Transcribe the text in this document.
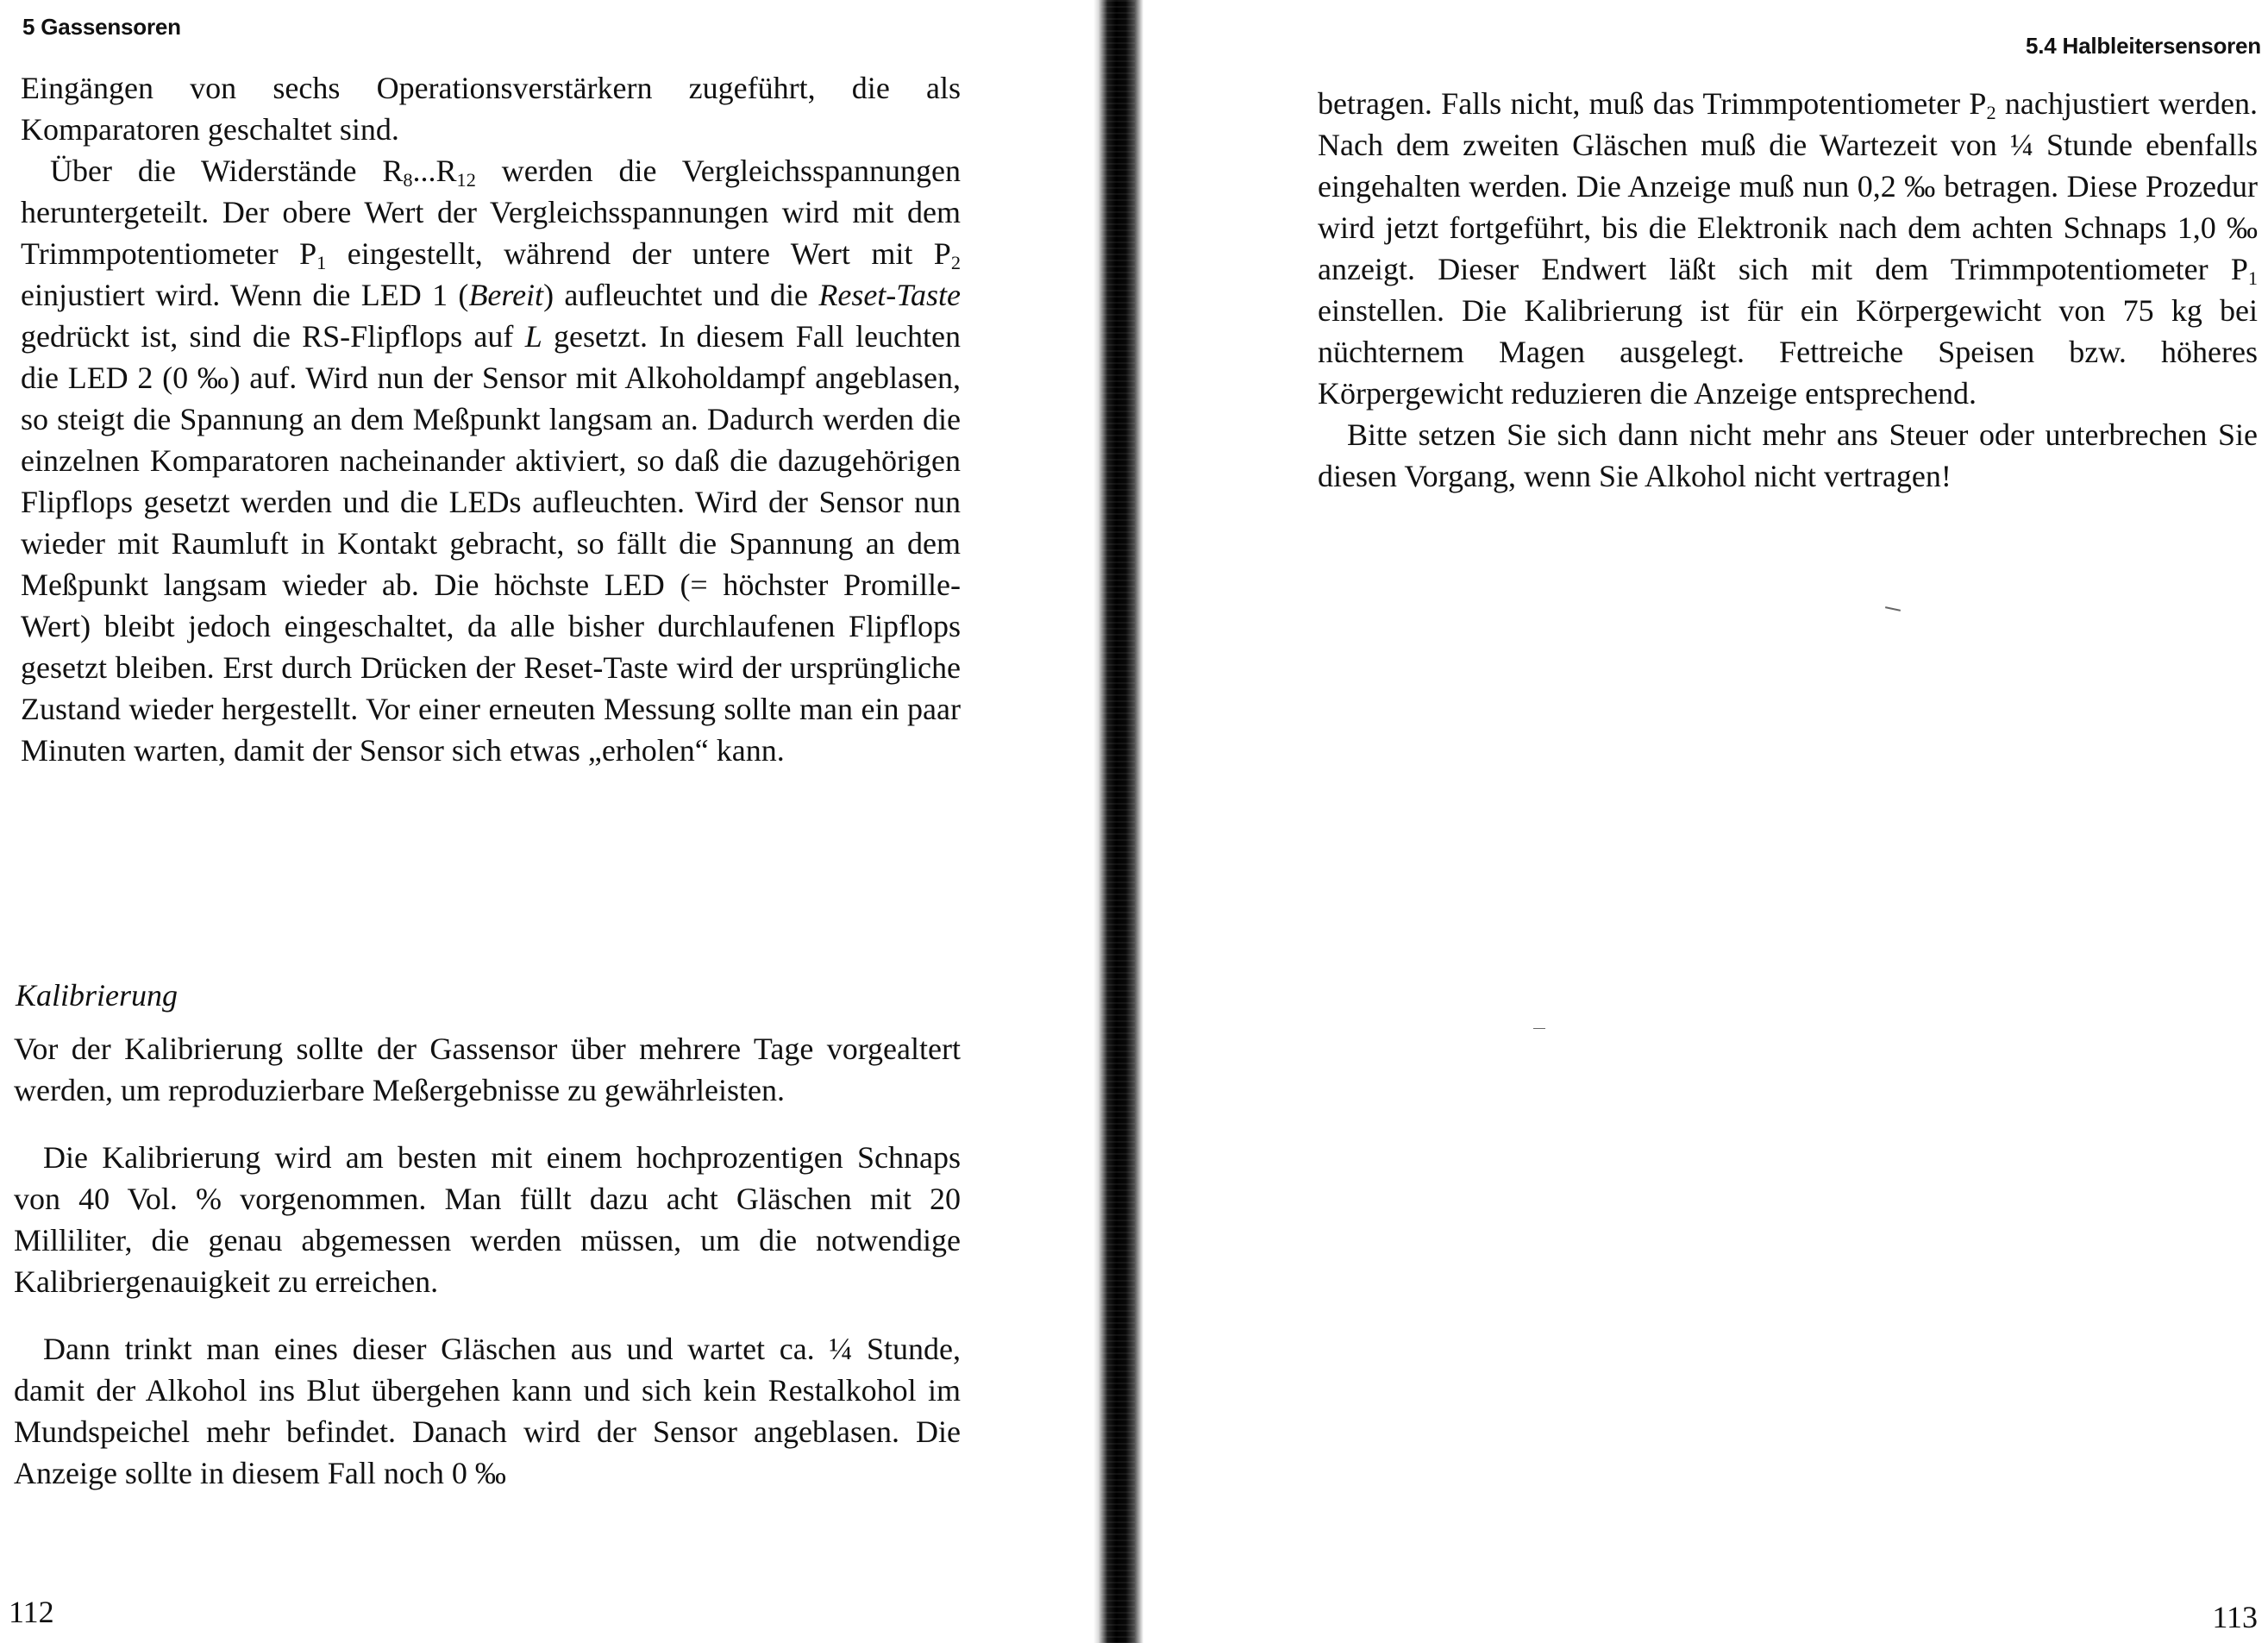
5 Gassensoren

Eingängen von sechs Operationsverstärkern zugeführt, die als Komparatoren geschaltet sind.

Über die Widerstände $R_8...R_{12}$ werden die Vergleichsspannungen heruntergeteilt. Der obere Wert der Vergleichsspannungen wird mit dem Trimmpotentiometer $P_1$ eingestellt, während der untere Wert mit $P_2$ einjustiert wird. Wenn die LED 1 (Bereit) aufleuchtet und die Reset-Taste gedrückt ist, sind die RS-Flipflops auf L gesetzt. In diesem Fall leuchten die LED 2 (0 ‰) auf. Wird nun der Sensor mit Alkoholdampf angeblasen, so steigt die Spannung an dem Meßpunkt langsam an. Dadurch werden die einzelnen Komparatoren nacheinander aktiviert, so daß die dazugehörigen Flipflops gesetzt werden und die LEDs aufleuchten. Wird der Sensor nun wieder mit Raumluft in Kontakt gebracht, so fällt die Spannung an dem Meßpunkt langsam wieder ab. Die höchste LED (= höchster Promille-Wert) bleibt jedoch eingeschaltet, da alle bisher durchlaufenen Flipflops gesetzt bleiben. Erst durch Drücken der Reset-Taste wird der ursprüngliche Zustand wieder hergestellt. Vor einer erneuten Messung sollte man ein paar Minuten warten, damit der Sensor sich etwas „erholen“ kann.

Kalibrierung

Vor der Kalibrierung sollte der Gassensor über mehrere Tage vorgealtert werden, um reproduzierbare Meßergebnisse zu gewährleisten.

Die Kalibrierung wird am besten mit einem hochprozentigen Schnaps von 40 Vol. % vorgenommen. Man füllt dazu acht Gläschen mit 20 Milliliter, die genau abgemessen werden müssen, um die notwendige Kalibriergenauigkeit zu erreichen.

Dann trinkt man eines dieser Gläschen aus und wartet ca. ¼ Stunde, damit der Alkohol ins Blut übergehen kann und sich kein Restalkohol im Mundspeichel mehr befindet. Danach wird der Sensor angeblasen. Die Anzeige sollte in diesem Fall noch 0 ‰

112
5.4 Halbleitersensoren

betragen. Falls nicht, muß das Trimmpotentiometer $P_2$ nachjustiert werden. Nach dem zweiten Gläschen muß die Wartezeit von ¼ Stunde ebenfalls eingehalten werden. Die Anzeige muß nun 0,2 ‰ betragen. Diese Prozedur wird jetzt fortgeführt, bis die Elektronik nach dem achten Schnaps 1,0 ‰ anzeigt. Dieser Endwert läßt sich mit dem Trimmpotentiometer $P_1$ einstellen. Die Kalibrierung ist für ein Körpergewicht von 75 kg bei nüchternem Magen ausgelegt. Fettreiche Speisen bzw. höheres Körpergewicht reduzieren die Anzeige entsprechend.

Bitte setzen Sie sich dann nicht mehr ans Steuer oder unterbrechen Sie diesen Vorgang, wenn Sie Alkohol nicht vertragen!

113
